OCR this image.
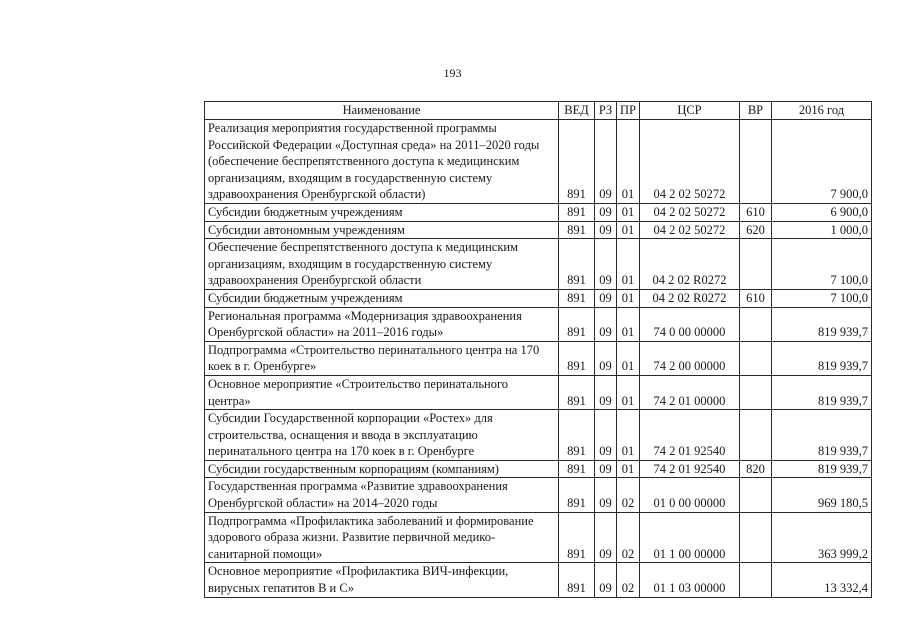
193
Наименование	ВЕД	РЗ	ПР	ЦСР	ВР	2016 год
Реализация мероприятия государственной программы
Российской Федерации «Доступная среда» на 2011–2020 годы
(обеспечение беспрепятственного доступа к медицинским
организациям, входящим в государственную систему
здравоохранения Оренбургской области)	891	09	01	04 2 02 50272		7 900,0
Субсидии бюджетным учреждениям	891	09	01	04 2 02 50272	610	6 900,0
Субсидии автономным учреждениям	891	09	01	04 2 02 50272	620	1 000,0
Обеспечение беспрепятственного доступа к медицинским
организациям, входящим в государственную систему
здравоохранения Оренбургской области	891	09	01	04 2 02 R0272		7 100,0
Субсидии бюджетным учреждениям	891	09	01	04 2 02 R0272	610	7 100,0
Региональная программа «Модернизация здравоохранения
Оренбургской области» на 2011–2016 годы»	891	09	01	74 0 00 00000		819 939,7
Подпрограмма «Строительство перинатального центра на 170
коек в г. Оренбурге»	891	09	01	74 2 00 00000		819 939,7
Основное мероприятие «Строительство перинатального
центра»	891	09	01	74 2 01 00000		819 939,7
Субсидии Государственной корпорации «Ростех» для
строительства, оснащения и ввода в эксплуатацию
перинатального центра на 170 коек в г. Оренбурге	891	09	01	74 2 01 92540		819 939,7
Субсидии государственным корпорациям (компаниям)	891	09	01	74 2 01 92540	820	819 939,7
Государственная программа «Развитие здравоохранения
Оренбургской области» на 2014–2020 годы	891	09	02	01 0 00 00000		969 180,5
Подпрограмма «Профилактика заболеваний и формирование
здорового образа жизни. Развитие первичной медико-
санитарной помощи»	891	09	02	01 1 00 00000		363 999,2
Основное мероприятие «Профилактика ВИЧ-инфекции,
вирусных гепатитов В и С»	891	09	02	01 1 03 00000		13 332,4
